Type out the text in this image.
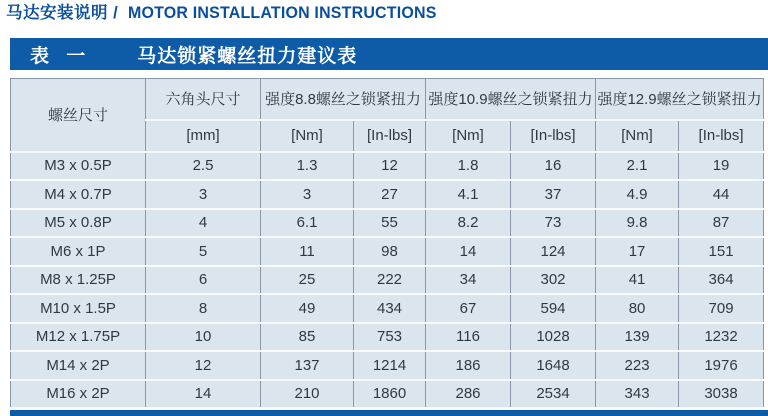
马达安装说明 / MOTOR INSTALLATION INSTRUCTIONS
表 一 马达锁紧螺丝扭力建议表
螺丝尺寸	六角头尺寸	强度8.8螺丝之锁紧扭力		强度10.9螺丝之锁紧扭力		强度12.9螺丝之锁紧扭力	
	[mm]	[Nm]	[In-lbs]	[Nm]	[In-lbs]	[Nm]	[In-lbs]
M3 x 0.5P	2.5	1.3	12	1.8	16	2.1	19
M4 x 0.7P	3	3	27	4.1	37	4.9	44
M5 x 0.8P	4	6.1	55	8.2	73	9.8	87
M6 x 1P	5	11	98	14	124	17	151
M8 x 1.25P	6	25	222	34	302	41	364
M10 x 1.5P	8	49	434	67	594	80	709
M12 x 1.75P	10	85	753	116	1028	139	1232
M14 x 2P	12	137	1214	186	1648	223	1976
M16 x 2P	14	210	1860	286	2534	343	3038
